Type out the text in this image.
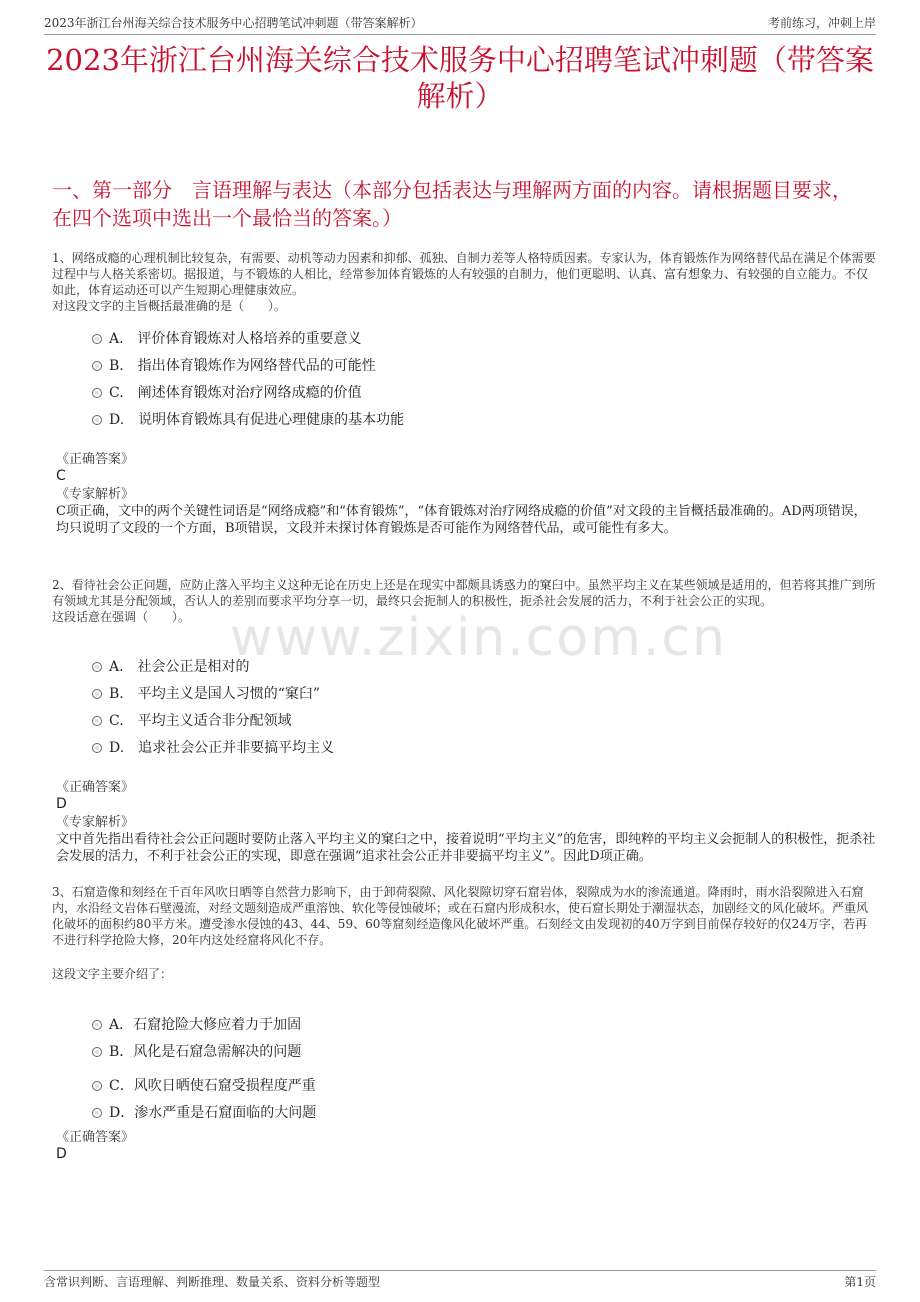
2023年浙江台州海关综合技术服务中心招聘笔试冲刺题（带答案解析）	考前练习，冲刺上岸
2023年浙江台州海关综合技术服务中心招聘笔试冲刺题（带答案解析）
一、第一部分　言语理解与表达（本部分包括表达与理解两方面的内容。请根据题目要求，在四个选项中选出一个最恰当的答案。）
www.zixin.com.cn
1、网络成瘾的心理机制比较复杂，有需要、动机等动力因素和抑郁、孤独、自制力差等人格特质因素。专家认为，体育锻炼作为网络替代品在满足个体需要过程中与人格关系密切。据报道，与不锻炼的人相比，经常参加体育锻炼的人有较强的自制力，他们更聪明、认真、富有想象力、有较强的自立能力。不仅如此，体育运动还可以产生短期心理健康效应。
对这段文字的主旨概括最准确的是（　　）。
A.　评价体育锻炼对人格培养的重要意义
B.　指出体育锻炼作为网络替代品的可能性
C.　阐述体育锻炼对治疗网络成瘾的价值
D.　说明体育锻炼具有促进心理健康的基本功能
《正确答案》
C
《专家解析》
C项正确，文中的两个关键性词语是“网络成瘾”和“体育锻炼”，“体育锻炼对治疗网络成瘾的价值”对文段的主旨概括最准确的。AD两项错误，均只说明了文段的一个方面，B项错误，文段并未探讨体育锻炼是否可能作为网络替代品，或可能性有多大。
2、看待社会公正问题，应防止落入平均主义这种无论在历史上还是在现实中都颇具诱惑力的窠臼中。虽然平均主义在某些领域是适用的，但若将其推广到所有领域尤其是分配领域，否认人的差别而要求平均分享一切，最终只会扼制人的积极性，扼杀社会发展的活力，不利于社会公正的实现。
这段话意在强调（　　）。
A.　社会公正是相对的
B.　平均主义是国人习惯的“窠臼”
C.　平均主义适合非分配领域
D.　追求社会公正并非要搞平均主义
《正确答案》
D
《专家解析》
文中首先指出看待社会公正问题时要防止落入平均主义的窠臼之中，接着说明“平均主义”的危害，即纯粹的平均主义会扼制人的积极性，扼杀社会发展的活力，不利于社会公正的实现，即意在强调“追求社会公正并非要搞平均主义”。因此D项正确。
3、石窟造像和刻经在千百年风吹日晒等自然营力影响下，由于卸荷裂隙、风化裂隙切穿石窟岩体，裂隙成为水的渗流通道。降雨时，雨水沿裂隙进入石窟内，水沿经文岩体石壁漫流，对经文题刻造成严重溶蚀、软化等侵蚀破坏；或在石窟内形成积水，使石窟长期处于潮湿状态，加剧经文的风化破坏。严重风化破坏的面积约80平方米。遭受渗水侵蚀的43、44、59、60等窟刻经造像风化破坏严重。石刻经文由发现初的40万字到目前保存较好的仅24万字，若再不进行科学抢险大修，20年内这处经窟将风化不存。
这段文字主要介绍了：
A．石窟抢险大修应着力于加固
B．风化是石窟急需解决的问题
C．风吹日晒使石窟受损程度严重
D．渗水严重是石窟面临的大问题
《正确答案》
D
含常识判断、言语理解、判断推理、数量关系、资料分析等题型	第1页
